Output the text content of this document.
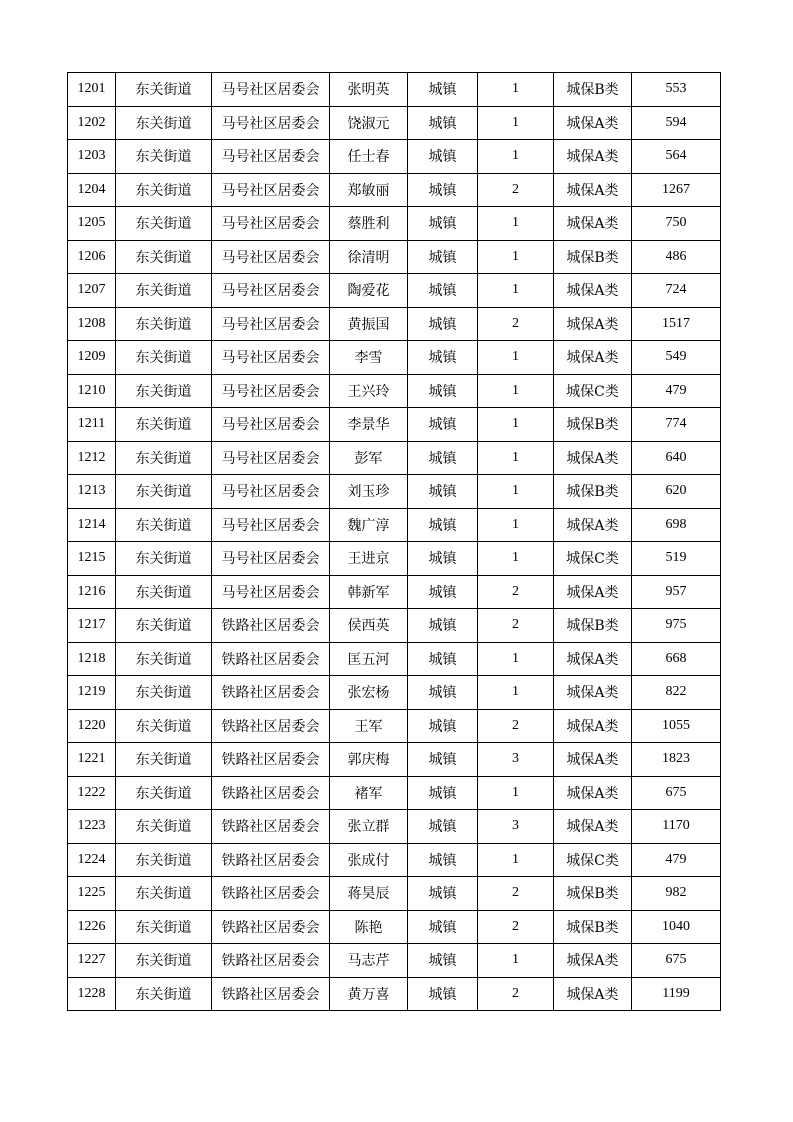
1201	东关街道	马号社区居委会	张明英	城镇	1	城保B类	553
1202	东关街道	马号社区居委会	饶淑元	城镇	1	城保A类	594
1203	东关街道	马号社区居委会	任士春	城镇	1	城保A类	564
1204	东关街道	马号社区居委会	郑敏丽	城镇	2	城保A类	1267
1205	东关街道	马号社区居委会	蔡胜利	城镇	1	城保A类	750
1206	东关街道	马号社区居委会	徐清明	城镇	1	城保B类	486
1207	东关街道	马号社区居委会	陶爱花	城镇	1	城保A类	724
1208	东关街道	马号社区居委会	黄振国	城镇	2	城保A类	1517
1209	东关街道	马号社区居委会	李雪	城镇	1	城保A类	549
1210	东关街道	马号社区居委会	王兴玲	城镇	1	城保C类	479
1211	东关街道	马号社区居委会	李景华	城镇	1	城保B类	774
1212	东关街道	马号社区居委会	彭军	城镇	1	城保A类	640
1213	东关街道	马号社区居委会	刘玉珍	城镇	1	城保B类	620
1214	东关街道	马号社区居委会	魏广淳	城镇	1	城保A类	698
1215	东关街道	马号社区居委会	王进京	城镇	1	城保C类	519
1216	东关街道	马号社区居委会	韩新军	城镇	2	城保A类	957
1217	东关街道	铁路社区居委会	侯西英	城镇	2	城保B类	975
1218	东关街道	铁路社区居委会	匡五河	城镇	1	城保A类	668
1219	东关街道	铁路社区居委会	张宏杨	城镇	1	城保A类	822
1220	东关街道	铁路社区居委会	王军	城镇	2	城保A类	1055
1221	东关街道	铁路社区居委会	郭庆梅	城镇	3	城保A类	1823
1222	东关街道	铁路社区居委会	褚军	城镇	1	城保A类	675
1223	东关街道	铁路社区居委会	张立群	城镇	3	城保A类	1170
1224	东关街道	铁路社区居委会	张成付	城镇	1	城保C类	479
1225	东关街道	铁路社区居委会	蒋昊辰	城镇	2	城保B类	982
1226	东关街道	铁路社区居委会	陈艳	城镇	2	城保B类	1040
1227	东关街道	铁路社区居委会	马志芹	城镇	1	城保A类	675
1228	东关街道	铁路社区居委会	黄万喜	城镇	2	城保A类	1199
